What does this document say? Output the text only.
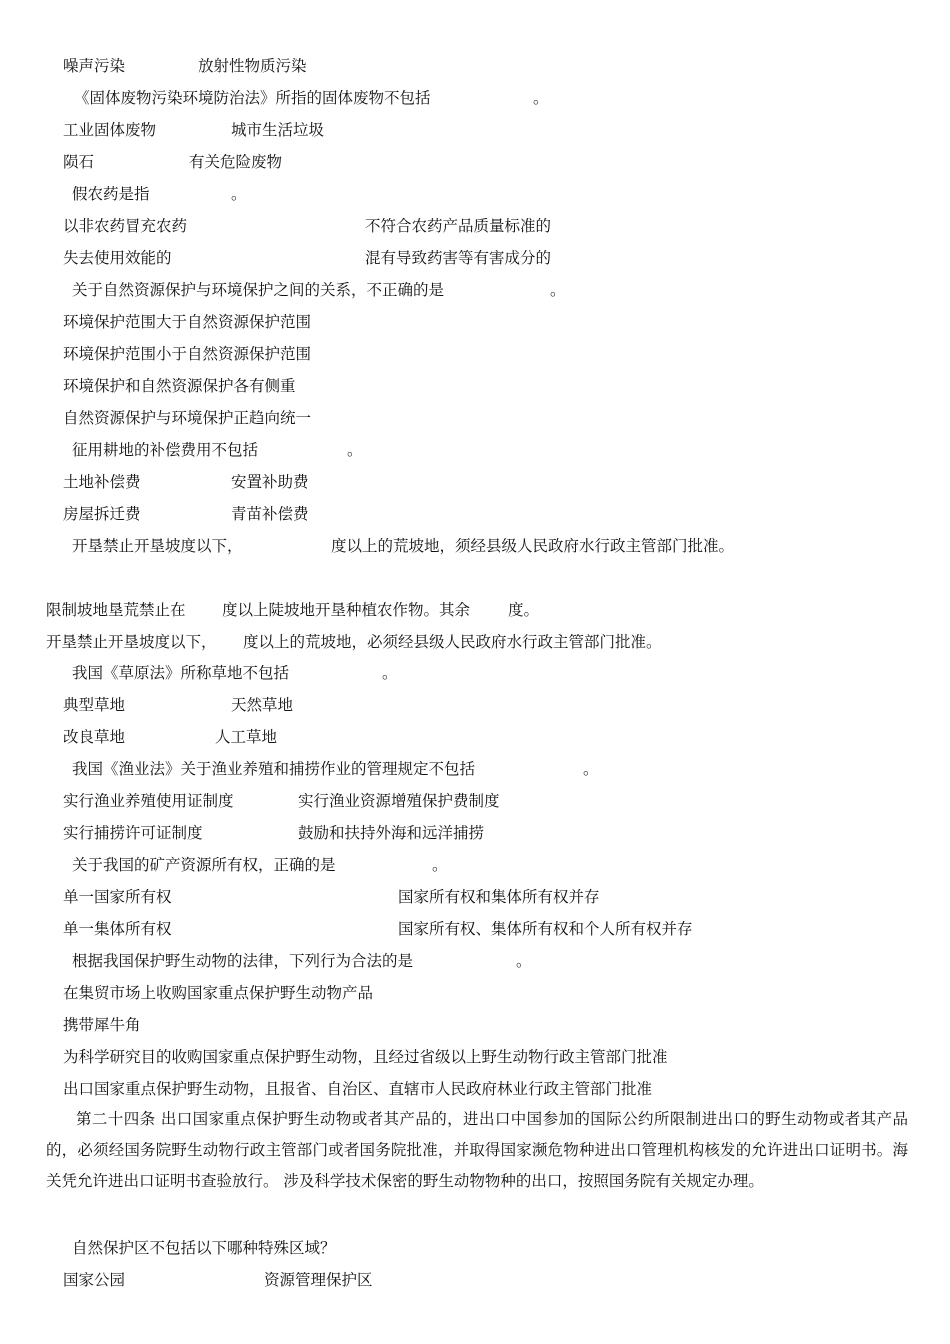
噪声污染	放射性物质污染
《固体废物污染环境防治法》所指的固体废物不包括	。
工业固体废物	城市生活垃圾
陨石	有关危险废物
假农药是指	。
以非农药冒充农药	不符合农药产品质量标准的
失去使用效能的	混有导致药害等有害成分的
关于自然资源保护与环境保护之间的关系，不正确的是	。
环境保护范围大于自然资源保护范围
环境保护范围小于自然资源保护范围
环境保护和自然资源保护各有侧重
自然资源保护与环境保护正趋向统一
征用耕地的补偿费用不包括	。
土地补偿费	安置补助费
房屋拆迁费	青苗补偿费
开垦禁止开垦坡度以下，	度以上的荒坡地，须经县级人民政府水行政主管部门批准。
限制坡地垦荒禁止在 度以上陡坡地开垦种植农作物。其余 度。
开垦禁止开垦坡度以下， 度以上的荒坡地，必须经县级人民政府水行政主管部门批准。
我国《草原法》所称草地不包括	。
典型草地	天然草地
改良草地	人工草地
我国《渔业法》关于渔业养殖和捕捞作业的管理规定不包括	。
实行渔业养殖使用证制度	实行渔业资源增殖保护费制度
实行捕捞许可证制度	鼓励和扶持外海和远洋捕捞
关于我国的矿产资源所有权，正确的是	。
单一国家所有权	国家所有权和集体所有权并存
单一集体所有权	国家所有权、集体所有权和个人所有权并存
根据我国保护野生动物的法律，下列行为合法的是	。
在集贸市场上收购国家重点保护野生动物产品
携带犀牛角
为科学研究目的收购国家重点保护野生动物，且经过省级以上野生动物行政主管部门批准
出口国家重点保护野生动物，且报省、自治区、直辖市人民政府林业行政主管部门批准
自然保护区不包括以下哪种特殊区域？
国家公园	资源管理保护区
第二十四条 出口国家重点保护野生动物或者其产品的，进出口中国参加的国际公约所限制进出口的野生动物或者其产品的，必须经国务院野生动物行政主管部门或者国务院批准，并取得国家濒危物种进出口管理机构核发的允许进出口证明书。海关凭允许进出口证明书查验放行。 涉及科学技术保密的野生动物物种的出口，按照国务院有关规定办理。
